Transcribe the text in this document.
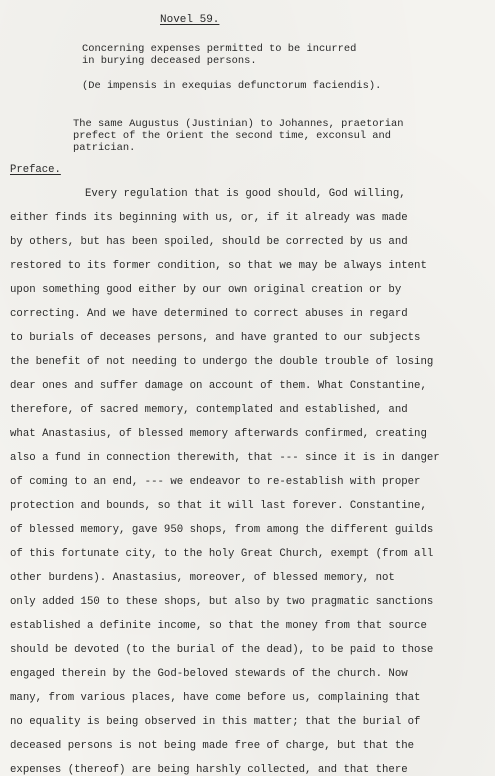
Novel 59.
Concerning expenses permitted to be incurred
in burying deceased persons.
(De impensis in exequias defunctorum faciendis).
The same Augustus (Justinian) to Johannes, praetorian
prefect of the Orient the second time, exconsul and
patrician.
Preface.
Every regulation that is good should, God willing,
either finds its beginning with us, or, if it already was made
by others, but has been spoiled, should be corrected by us and
restored to its former condition, so that we may be always intent
upon something good either by our own original creation or by
correcting. And we have determined to correct abuses in regard
to burials of deceases persons, and have granted to our subjects
the benefit of not needing to undergo the double trouble of losing
dear ones and suffer damage on account of them. What Constantine,
therefore, of sacred memory, contemplated and established, and
what Anastasius, of blessed memory afterwards confirmed, creating
also a fund in connection therewith, that --- since it is in danger
of coming to an end, --- we endeavor to re-establish with proper
protection and bounds, so that it will last forever. Constantine,
of blessed memory, gave 950 shops, from among the different guilds
of this fortunate city, to the holy Great Church, exempt (from all
other burdens). Anastasius, moreover, of blessed memory, not
only added 150 to these shops, but also by two pragmatic sanctions
established a definite income, so that the money from that source
should be devoted (to the burial of the dead), to be paid to those
engaged therein by the God-beloved stewards of the church. Now
many, from various places, have come before us, complaining that
no equality is being observed in this matter; that the burial of
deceased persons is not being made free of charge, but that the
expenses (thereof) are being harshly collected, and that there
